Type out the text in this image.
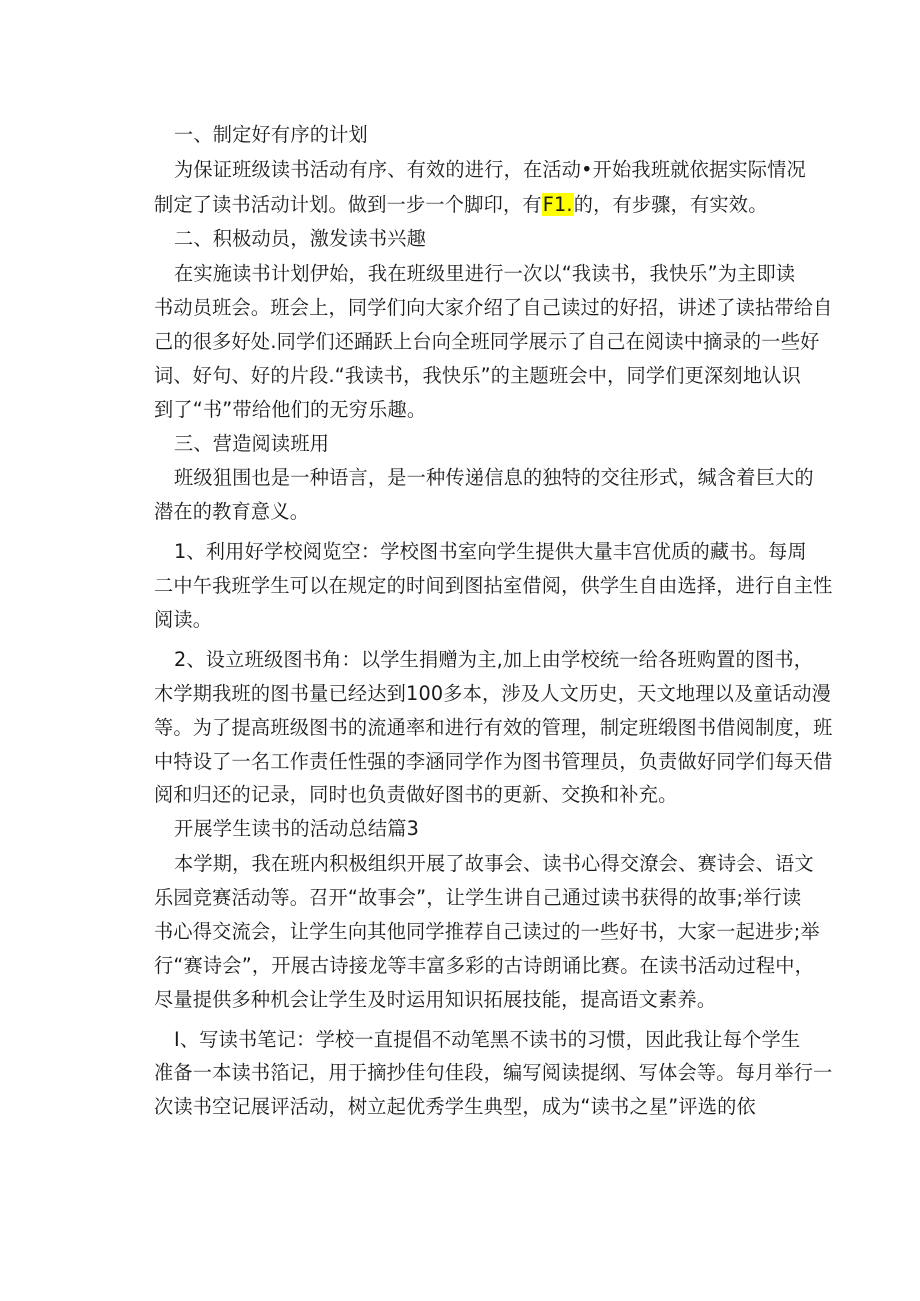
一、制定好有序的计划
为保证班级读书活动有序、有效的进行，在活动•开始我班就依据实际情况
制定了读书活动计划。做到一步一个脚印，有F1.的，有步骤，有实效。
二、积极动员，激发读书兴趣
在实施读书计划伊始，我在班级里进行一次以“我读书，我快乐”为主即读
书动员班会。班会上，同学们向大家介绍了自己读过的好招，讲述了读拈带给自
己的很多好处.同学们还踊跃上台向全班同学展示了自己在阅读中摘录的一些好
词、好句、好的片段.“我读书，我快乐”的主题班会中，同学们更深刻地认识
到了“书”带给他们的无穷乐趣。
三、营造阅读班用
班级狙围也是一种语言，是一种传递信息的独特的交往形式，缄含着巨大的
潜在的教育意义。
1、利用好学校阅览空：学校图书室向学生提供大量丰宫优质的藏书。每周
二中午我班学生可以在规定的时间到图拈室借阅，供学生自由选择，进行自主性
阅读。
2、设立班级图书角：以学生捐赠为主,加上由学校统一给各班购置的图书，
木学期我班的图书量已经达到100多本，涉及人文历史，天文地理以及童话动漫
等。为了提高班级图书的流通率和进行有效的管理，制定班缎图书借阅制度，班
中特设了一名工作责任性强的李涵同学作为图书管理员，负责做好同学们每天借
阅和归还的记录，同时也负责做好图书的更新、交换和补充。
开展学生读书的活动总结篇3
本学期，我在班内积极组织开展了故事会、读书心得交潦会、赛诗会、语文
乐园竞赛活动等。召开“故事会”，让学生讲自己通过读书获得的故事;举行读
书心得交流会，让学生向其他同学推荐自己读过的一些好书，大家一起进步;举
行“赛诗会”，开展古诗接龙等丰富多彩的古诗朗诵比赛。在读书活动过程中，
尽量提供多种机会让学生及时运用知识拓展技能，提高语文素养。
I、写读书笔记：学校一直提倡不动笔黑不读书的习惯，因此我让每个学生
准备一本读书箔记，用于摘抄佳句佳段，编写阅读提纲、写体会等。每月举行一
次读书空记展评活动，树立起优秀学生典型，成为“读书之星”评选的依
